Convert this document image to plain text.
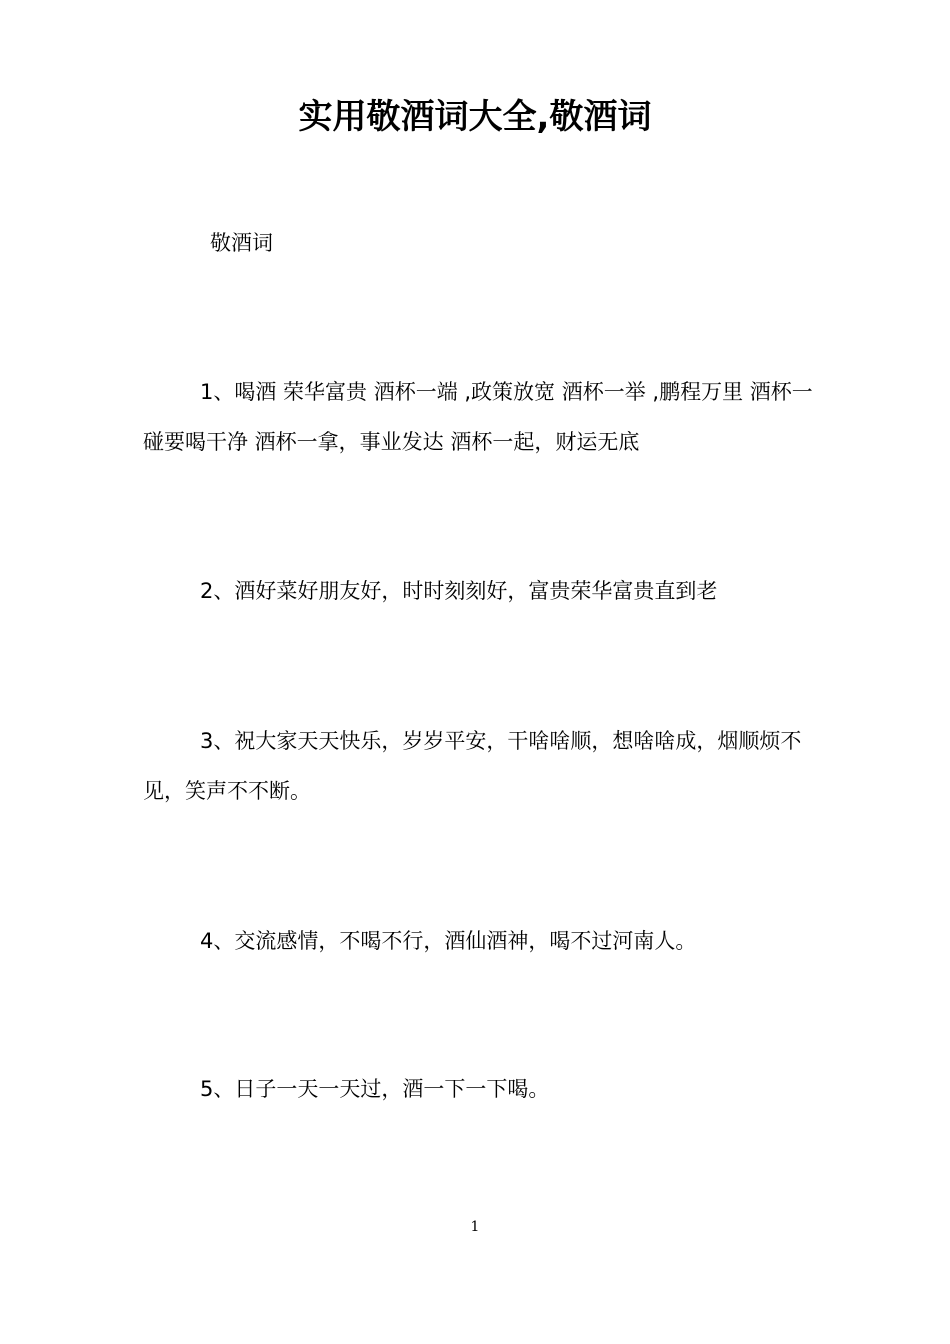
实用敬酒词大全,敬酒词
敬酒词
1、喝酒 荣华富贵 酒杯一端 ,政策放宽 酒杯一举 ,鹏程万里 酒杯一碰要喝干净 酒杯一拿，事业发达 酒杯一起，财运无底
2、酒好菜好朋友好，时时刻刻好，富贵荣华富贵直到老
3、祝大家天天快乐，岁岁平安，干啥啥顺，想啥啥成，烟顺烦不见，笑声不不断。
4、交流感情，不喝不行，酒仙酒神，喝不过河南人。
5、日子一天一天过，酒一下一下喝。
1
